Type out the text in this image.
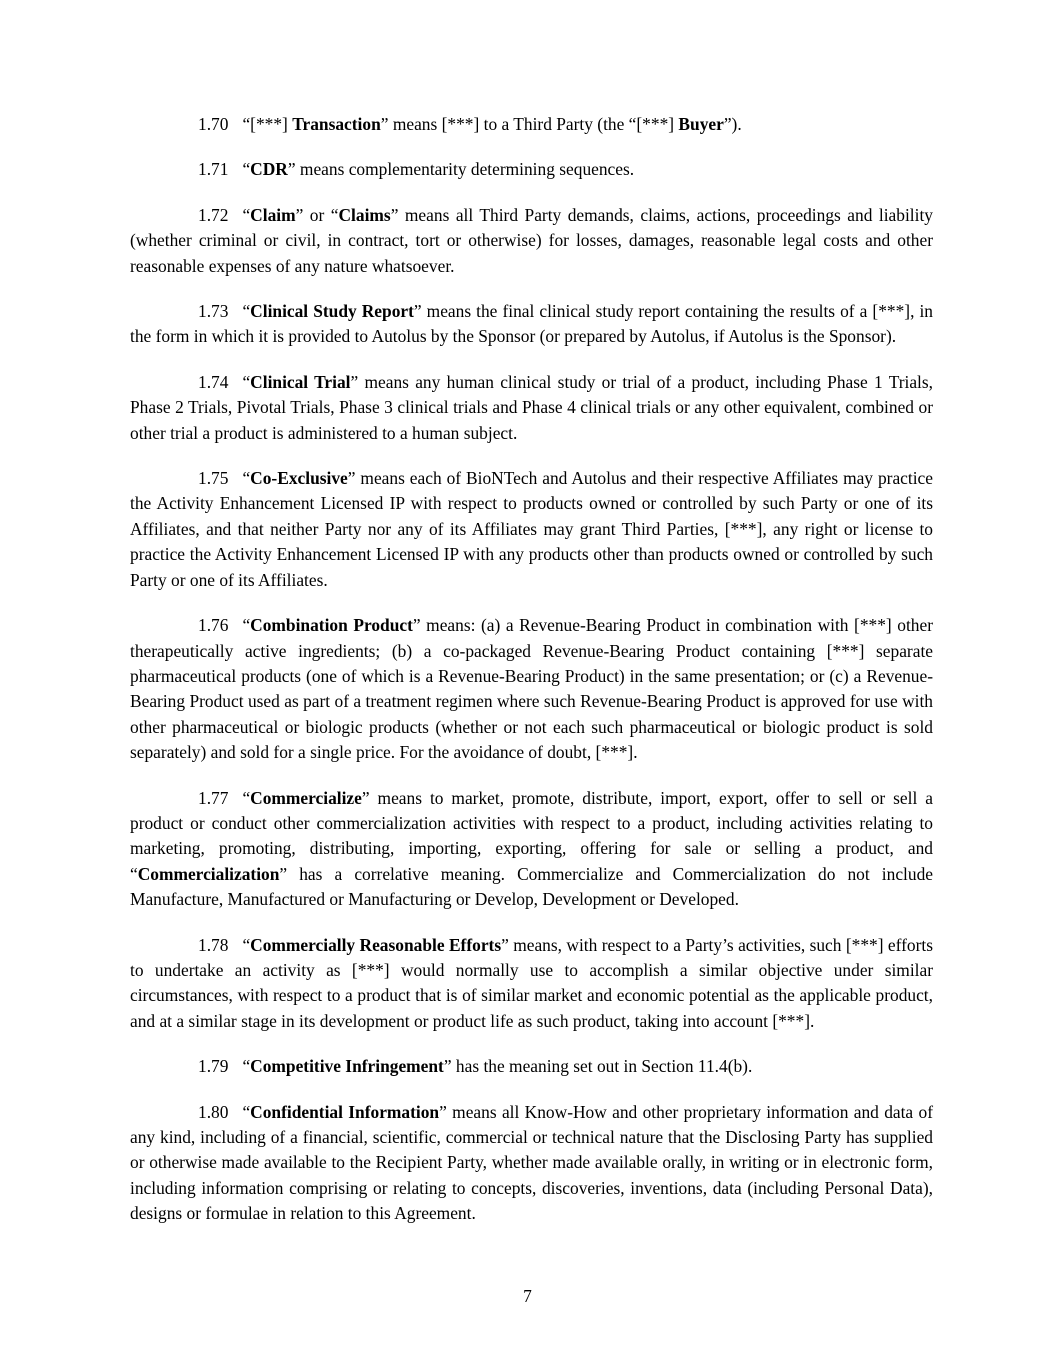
1.70 “[***] Transaction” means [***] to a Third Party (the “[***] Buyer”).

1.71 “CDR” means complementarity determining sequences.

1.72 “Claim” or “Claims” means all Third Party demands, claims, actions, proceedings and liability (whether criminal or civil, in contract, tort or otherwise) for losses, damages, reasonable legal costs and other reasonable expenses of any nature whatsoever.

1.73 “Clinical Study Report” means the final clinical study report containing the results of a [***], in the form in which it is provided to Autolus by the Sponsor (or prepared by Autolus, if Autolus is the Sponsor).

1.74 “Clinical Trial” means any human clinical study or trial of a product, including Phase 1 Trials, Phase 2 Trials, Pivotal Trials, Phase 3 clinical trials and Phase 4 clinical trials or any other equivalent, combined or other trial a product is administered to a human subject.

1.75 “Co-Exclusive” means each of BioNTech and Autolus and their respective Affiliates may practice the Activity Enhancement Licensed IP with respect to products owned or controlled by such Party or one of its Affiliates, and that neither Party nor any of its Affiliates may grant Third Parties, [***], any right or license to practice the Activity Enhancement Licensed IP with any products other than products owned or controlled by such Party or one of its Affiliates.

1.76 “Combination Product” means: (a) a Revenue-Bearing Product in combination with [***] other therapeutically active ingredients; (b) a co-packaged Revenue-Bearing Product containing [***] separate pharmaceutical products (one of which is a Revenue-Bearing Product) in the same presentation; or (c) a Revenue-Bearing Product used as part of a treatment regimen where such Revenue-Bearing Product is approved for use with other pharmaceutical or biologic products (whether or not each such pharmaceutical or biologic product is sold separately) and sold for a single price. For the avoidance of doubt, [***].

1.77 “Commercialize” means to market, promote, distribute, import, export, offer to sell or sell a product or conduct other commercialization activities with respect to a product, including activities relating to marketing, promoting, distributing, importing, exporting, offering for sale or selling a product, and “Commercialization” has a correlative meaning. Commercialize and Commercialization do not include Manufacture, Manufactured or Manufacturing or Develop, Development or Developed.

1.78 “Commercially Reasonable Efforts” means, with respect to a Party’s activities, such [***] efforts to undertake an activity as [***] would normally use to accomplish a similar objective under similar circumstances, with respect to a product that is of similar market and economic potential as the applicable product, and at a similar stage in its development or product life as such product, taking into account [***].

1.79 “Competitive Infringement” has the meaning set out in Section 11.4(b).

1.80 “Confidential Information” means all Know-How and other proprietary information and data of any kind, including of a financial, scientific, commercial or technical nature that the Disclosing Party has supplied or otherwise made available to the Recipient Party, whether made available orally, in writing or in electronic form, including information comprising or relating to concepts, discoveries, inventions, data (including Personal Data), designs or formulae in relation to this Agreement.

7
